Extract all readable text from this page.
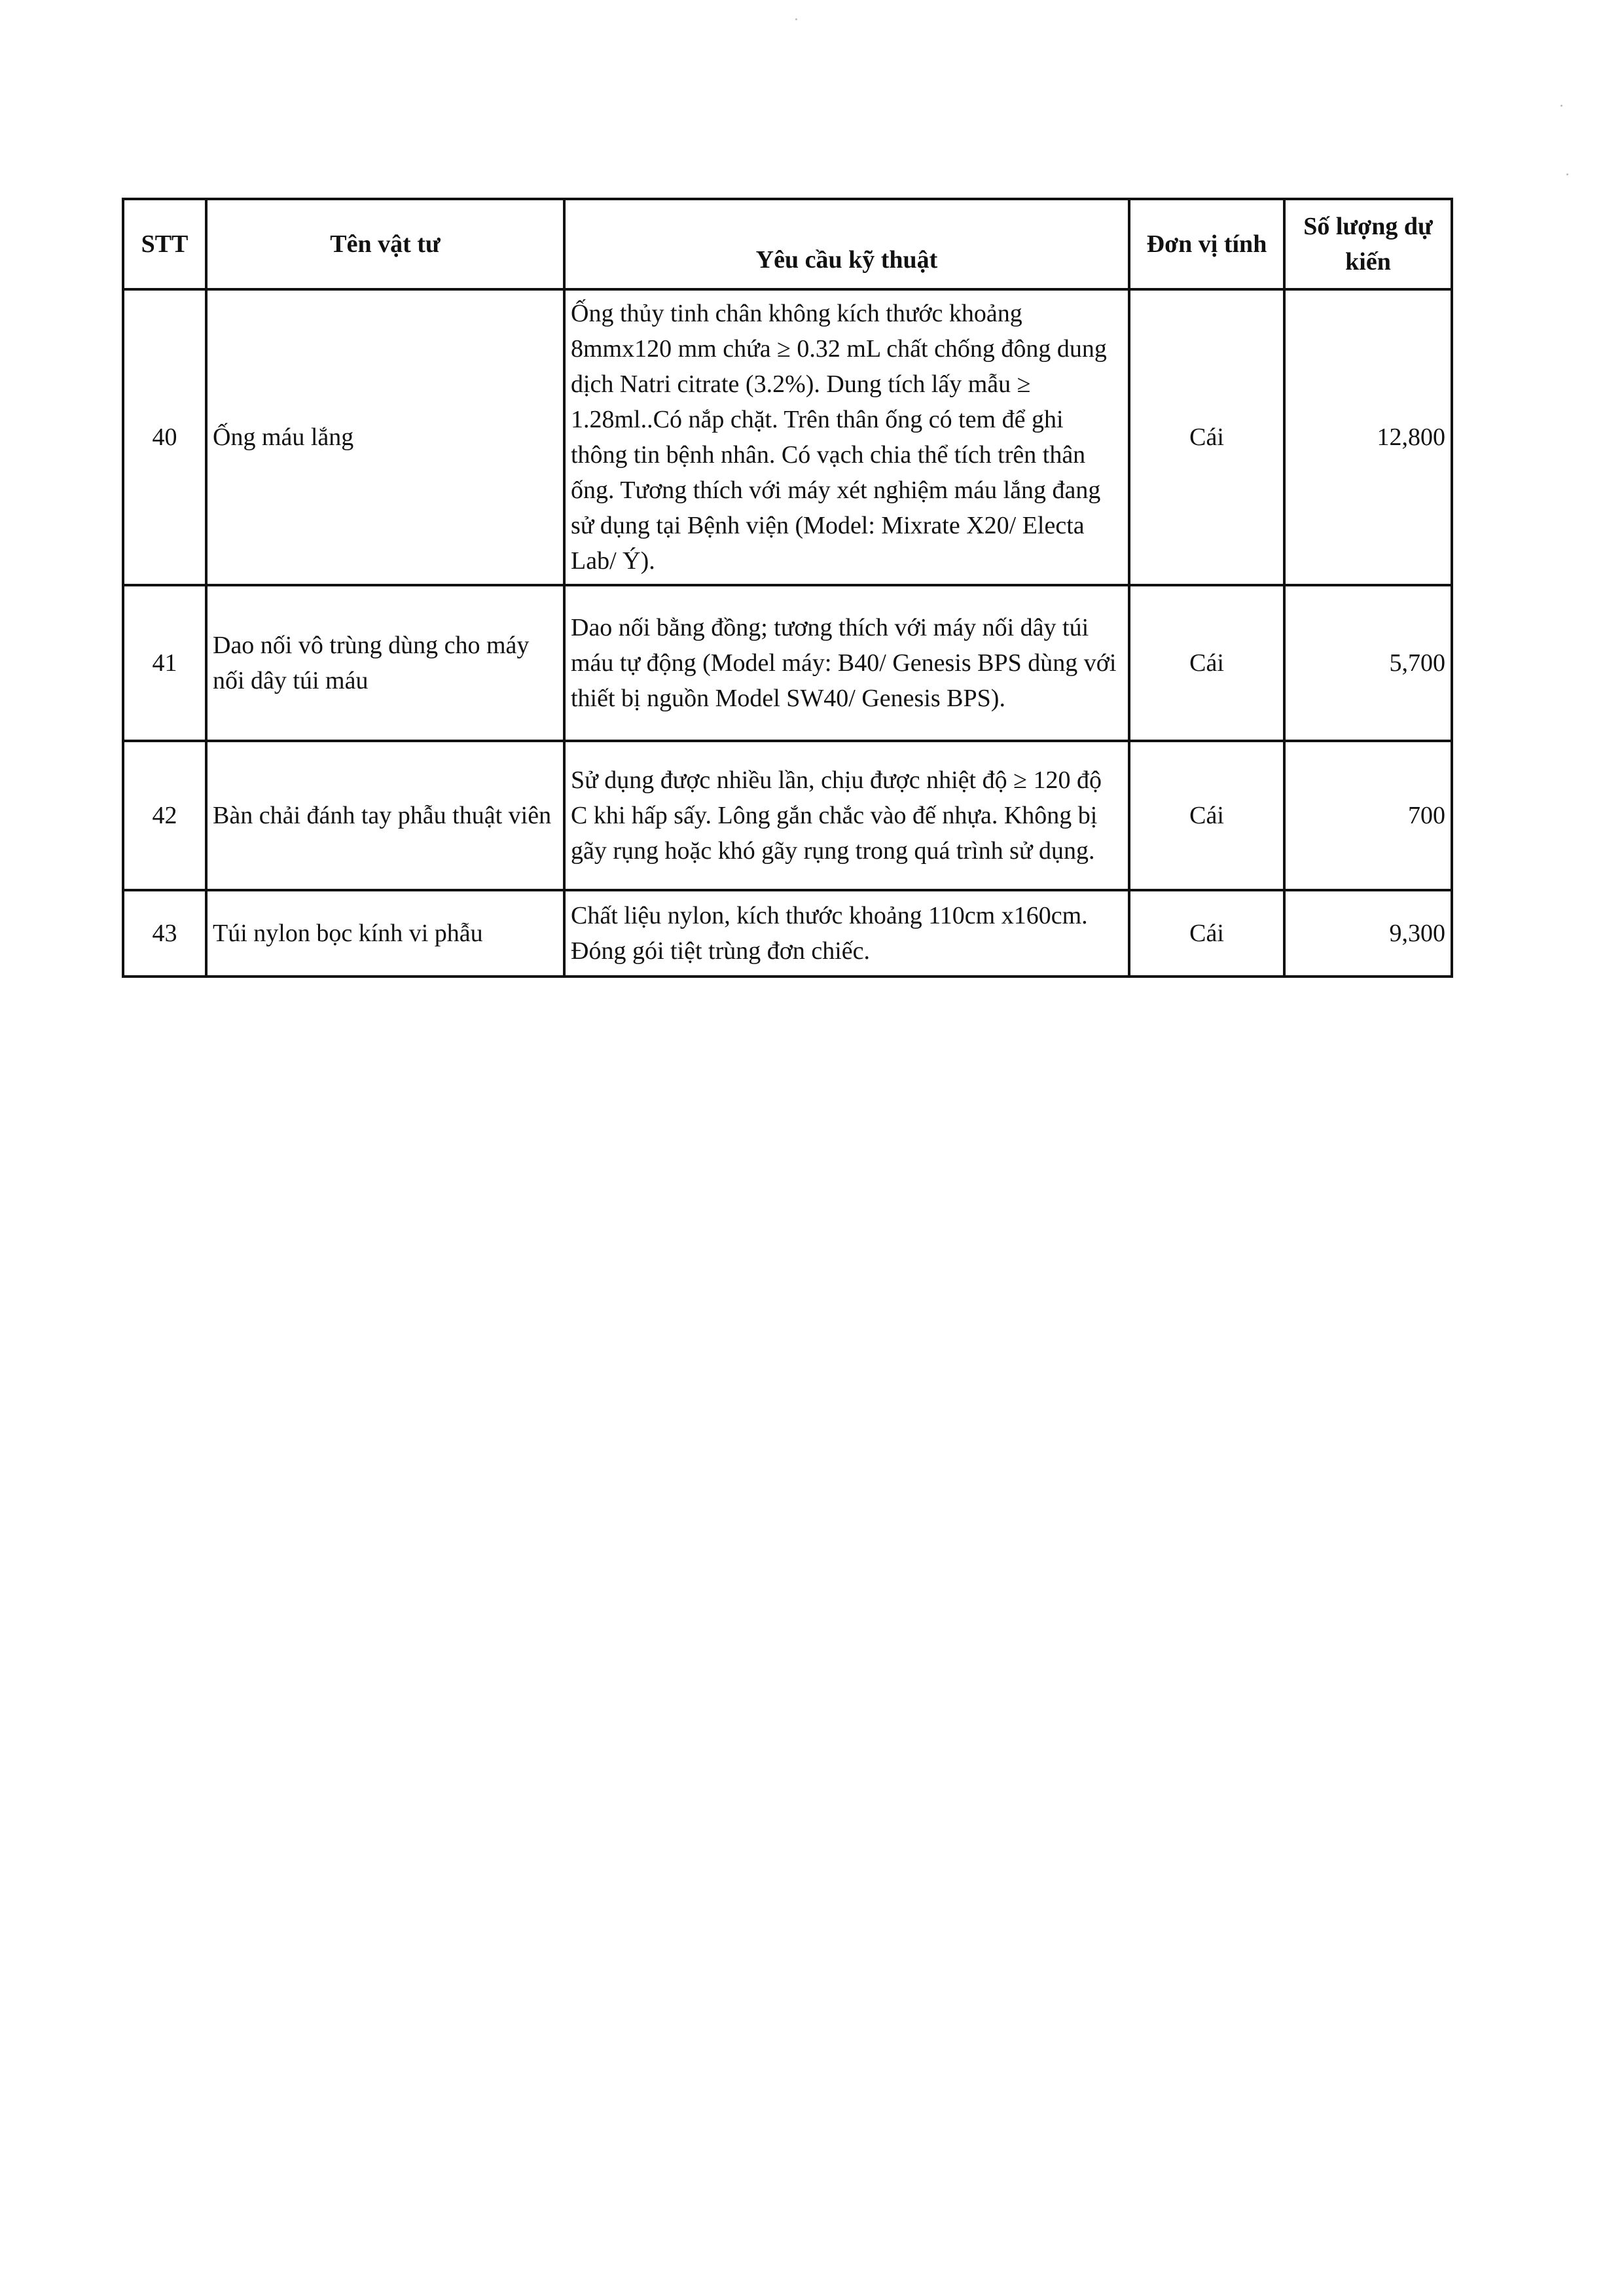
STT	Tên vật tư	Yêu cầu kỹ thuật	Đơn vị tính	Số lượng dự kiến
40	Ống máu lắng	Ống thủy tinh chân không kích thước khoảng 8mmx120 mm chứa ≥ 0.32 mL chất chống đông dung dịch Natri citrate (3.2%). Dung tích lấy mẫu ≥ 1.28ml..Có nắp chặt. Trên thân ống có tem để ghi thông tin bệnh nhân. Có vạch chia thể tích trên thân ống. Tương thích với máy xét nghiệm máu lắng đang sử dụng tại Bệnh viện (Model: Mixrate X20/ Electa Lab/ Ý).	Cái	12,800
41	Dao nối vô trùng dùng cho máy nối dây túi máu	Dao nối bằng đồng; tương thích với máy nối dây túi máu tự động (Model máy: B40/ Genesis BPS dùng với thiết bị nguồn Model SW40/ Genesis BPS).	Cái	5,700
42	Bàn chải đánh tay phẫu thuật viên	Sử dụng được nhiều lần, chịu được nhiệt độ ≥ 120 độ C khi hấp sấy. Lông gắn chắc vào đế nhựa. Không bị gãy rụng hoặc khó gãy rụng trong quá trình sử dụng.	Cái	700
43	Túi nylon bọc kính vi phẫu	Chất liệu nylon, kích thước khoảng 110cm x160cm. Đóng gói tiệt trùng đơn chiếc.	Cái	9,300
